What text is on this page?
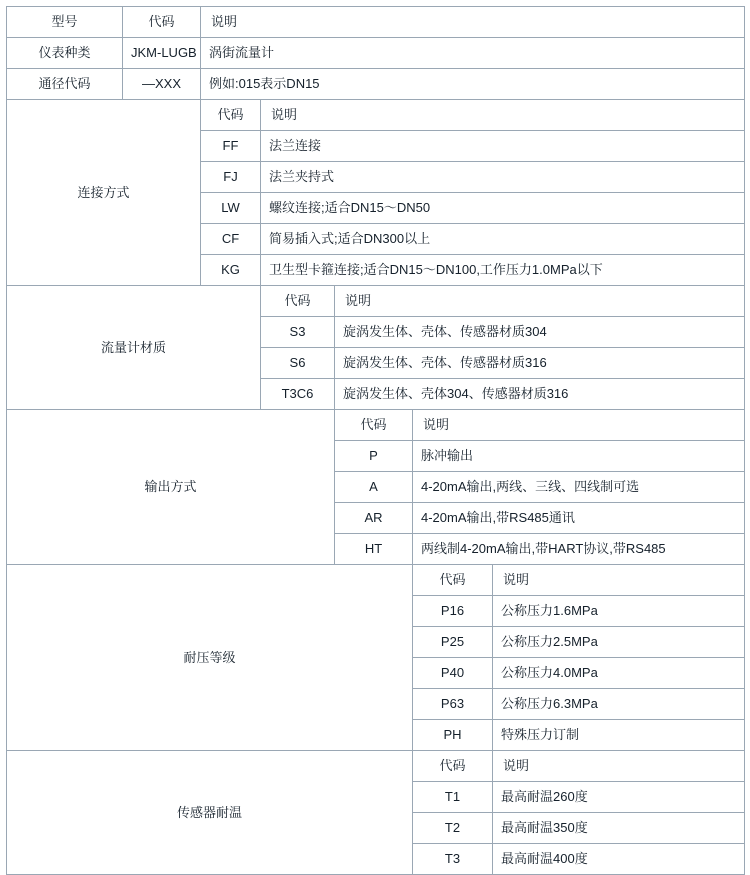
型号	代码	说明				
仪表种类	JKM-LUGB	涡街流量计				
通径代码	—XXX	例如:015表示DN15				
连接方式		代码	说明			
		FF	法兰连接			
		FJ	法兰夹持式			
		LW	螺纹连接;适合DN15～DN50			
		CF	简易插入式;适合DN300以上			
		KG	卫生型卡箍连接;适合DN15～DN100,工作压力1.0MPa以下			
流量计材质			代码	说明		
			S3	旋涡发生体、壳体、传感器材质304		
			S6	旋涡发生体、壳体、传感器材质316		
			T3C6	旋涡发生体、壳体304、传感器材质316		
输出方式				代码	说明	
				P	脉冲输出	
				A	4-20mA输出,两线、三线、四线制可选	
				AR	4-20mA输出,带RS485通讯	
				HT	两线制4-20mA输出,带HART协议,带RS485	
耐压等级					代码	说明
					P16	公称压力1.6MPa
					P25	公称压力2.5MPa
					P40	公称压力4.0MPa
					P63	公称压力6.3MPa
					PH	特殊压力订制
传感器耐温					代码	说明
					T1	最高耐温260度
					T2	最高耐温350度
					T3	最高耐温400度
